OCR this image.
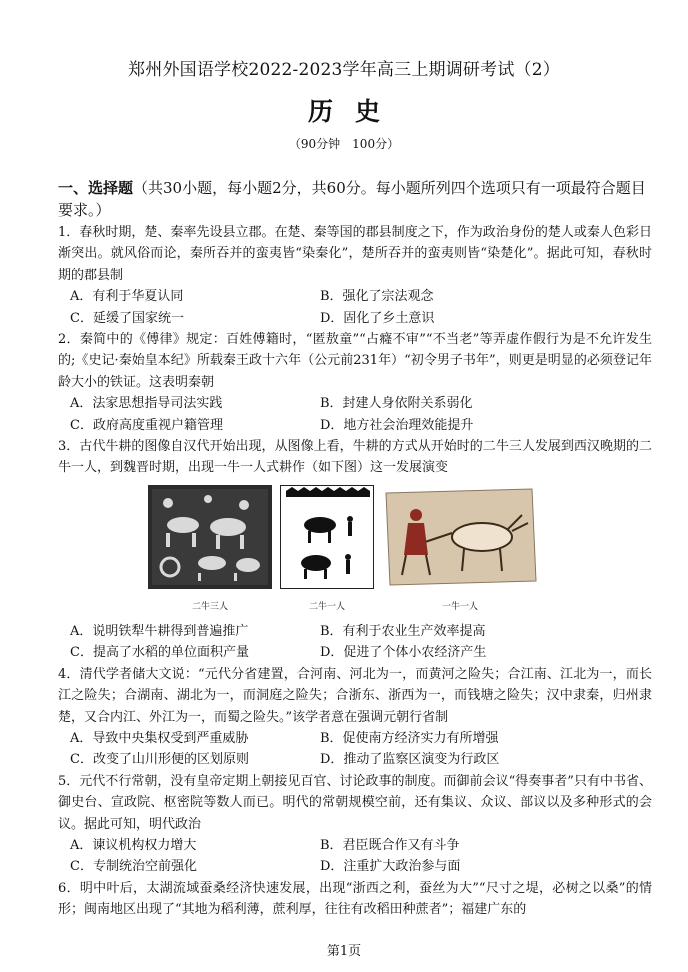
郑州外国语学校2022-2023学年高三上期调研考试（2）
历史
（90分钟　100分）
一、选择题（共30小题，每小题2分，共60分。每小题所列四个选项只有一项最符合题目要求。）

1．春秋时期，楚、秦率先设县立郡。在楚、秦等国的郡县制度之下，作为政治身份的楚人或秦人色彩日渐突出。就风俗而论，秦所吞并的蛮夷皆“染秦化”，楚所吞并的蛮夷则皆“染楚化”。据此可知，春秋时期的郡县制

A．有利于华夏认同	B．强化了宗法观念
C．延缓了国家统一	D．固化了乡土意识

2．秦简中的《傅律》规定：百姓傅籍时，“匿敖童”“占癃不审”“不当老”等弄虚作假行为是不允许发生的;《史记·秦始皇本纪》所载秦王政十六年（公元前231年）“初令男子书年”，则更是明显的必须登记年龄大小的铁证。这表明秦朝

A．法家思想指导司法实践	B．封建人身依附关系弱化
C．政府高度重视户籍管理	D．地方社会治理效能提升

3．古代牛耕的图像自汉代开始出现，从图像上看，牛耕的方式从开始时的二牛三人发展到西汉晚期的二牛一人，到魏晋时期，出现一牛一人式耕作（如下图）这一发展演变

二牛三人	二牛一人	一牛一人
A．说明铁犁牛耕得到普遍推广	B．有利于农业生产效率提高
C．提高了水稻的单位面积产量	D．促进了个体小农经济产生

4．清代学者储大文说：“元代分省建置，合河南、河北为一，而黄河之险失；合江南、江北为一，而长江之险失；合湖南、湖北为一，而洞庭之险失；合浙东、浙西为一，而钱塘之险失；汉中隶秦，归州隶楚，又合内江、外江为一，而蜀之险失。”该学者意在强调元朝行省制

A．导致中央集权受到严重威胁	B．促使南方经济实力有所增强
C．改变了山川形便的区划原则	D．推动了监察区演变为行政区

5．元代不行常朝，没有皇帝定期上朝接见百官、讨论政事的制度。而御前会议“得奏事者”只有中书省、御史台、宣政院、枢密院等数人而已。明代的常朝规模空前，还有集议、众议、部议以及多种形式的会议。据此可知，明代政治

A．谏议机构权力增大	B．君臣既合作又有斗争
C．专制统治空前强化	D．注重扩大政治参与面

6．明中叶后，太湖流域蚕桑经济快速发展，出现“浙西之利，蚕丝为大”“尺寸之堤，必树之以桑”的情形；闽南地区出现了“其地为稻利薄，蔗利厚，往往有改稻田种蔗者”；福建广东的

第1页
